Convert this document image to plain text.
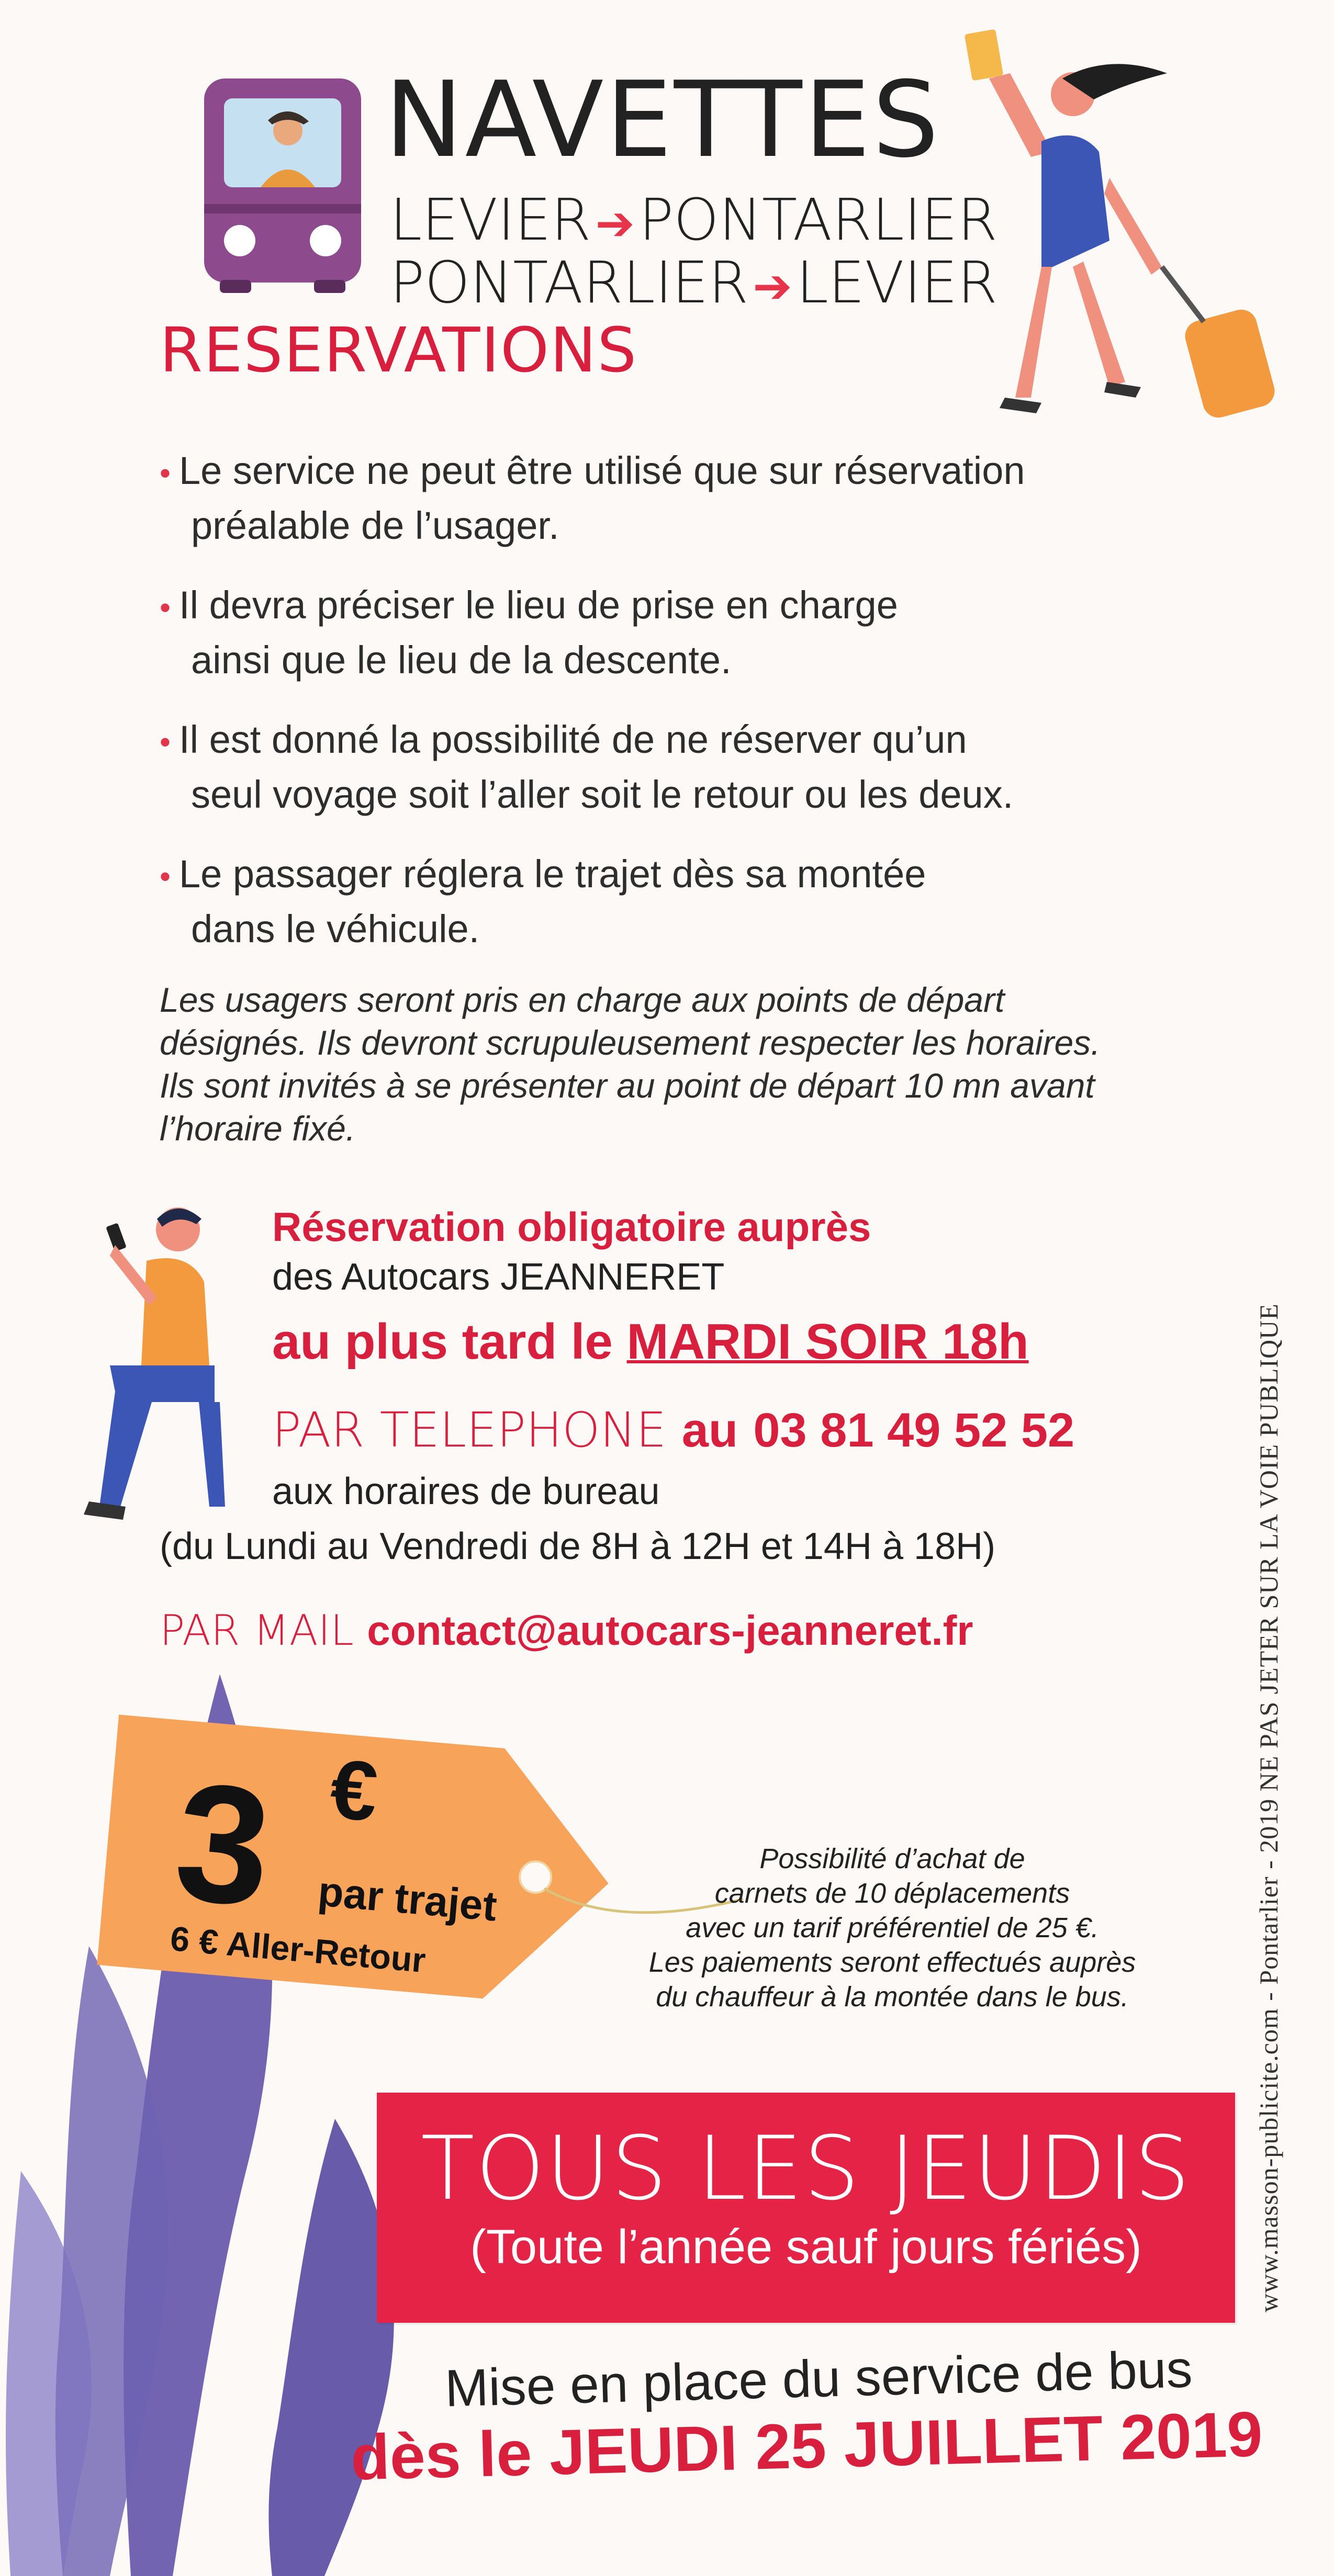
NAVETTES
LEVIER➔PONTARLIER
PONTARLIER➔LEVIER
RESERVATIONS
• Le service ne peut être utilisé que sur réservation
préalable de l’usager.
• Il devra préciser le lieu de prise en charge
ainsi que le lieu de la descente.
• Il est donné la possibilité de ne réserver qu’un
seul voyage soit l’aller soit le retour ou les deux.
• Le passager réglera le trajet dès sa montée
dans le véhicule.
Les usagers seront pris en charge aux points de départ
désignés. Ils devront scrupuleusement respecter les horaires.
Ils sont invités à se présenter au point de départ 10 mn avant
l’horaire fixé.
Réservation obligatoire auprès
des Autocars JEANNERET
au plus tard le MARDI SOIR 18h
PAR TELEPHONE au 03 81 49 52 52
aux horaires de bureau
(du Lundi au Vendredi de 8H à 12H et 14H à 18H)
PAR MAIL contact@autocars-jeanneret.fr
3 €
par trajet
6 € Aller-Retour
Possibilité d’achat de
carnets de 10 déplacements
avec un tarif préférentiel de 25 €.
Les paiements seront effectués auprès
du chauffeur à la montée dans le bus.
TOUS LES JEUDIS
(Toute l’année sauf jours fériés)
Mise en place du service de bus
dès le JEUDI 25 JUILLET 2019
www.masson-publicite.com - Pontarlier - 2019 NE PAS JETER SUR LA VOIE PUBLIQUE
